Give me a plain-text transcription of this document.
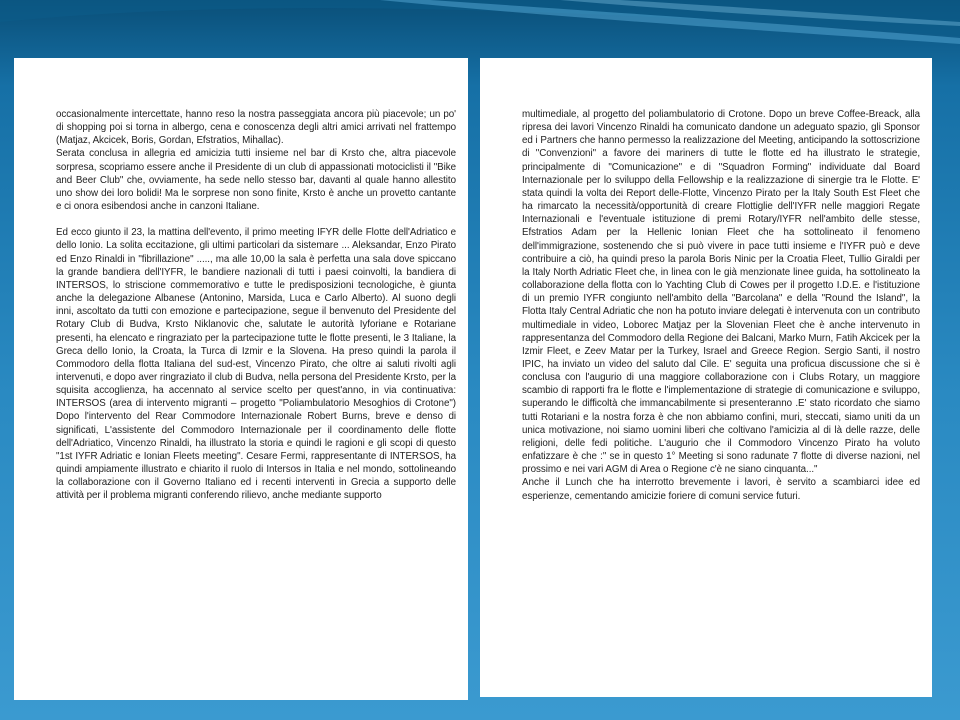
occasionalmente intercettate, hanno reso la nostra passeggiata ancora più piacevole; un po' di shopping poi si torna in albergo, cena e conoscenza degli altri amici arrivati nel frattempo (Matjaz, Akcicek, Boris, Gordan, Efstratios, Mihallac).

Serata conclusa in allegria ed amicizia tutti insieme nel bar di Krsto che, altra piacevole sorpresa, scopriamo essere anche il Presidente di un club di appassionati motociclisti il "Bike and Beer Club" che, ovviamente, ha sede nello stesso bar, davanti al quale hanno allestito uno show dei loro bolidi! Ma le sorprese non sono finite, Krsto è anche un provetto cantante e ci onora esibendosi anche in canzoni Italiane.

Ed ecco giunto il 23, la mattina dell'evento, il primo meeting IFYR delle Flotte dell'Adriatico e dello Ionio. La solita eccitazione, gli ultimi particolari da sistemare ... Aleksandar, Enzo Pirato ed Enzo Rinaldi in "fibrillazione" ....., ma alle 10,00 la sala è perfetta una sala dove spiccano la grande bandiera dell'IYFR, le bandiere nazionali di tutti i paesi coinvolti, la bandiera di INTERSOS, lo striscione commemorativo e tutte le predisposizioni tecnologiche, è giunta anche la delegazione Albanese (Antonino, Marsida, Luca e Carlo Alberto). Al suono degli inni, ascoltato da tutti con emozione e partecipazione, segue il benvenuto del Presidente del Rotary Club di Budva, Krsto Niklanovic che, salutate le autorità Iyforiane e Rotariane presenti, ha elencato e ringraziato per la partecipazione tutte le flotte presenti, le 3 Italiane, la Greca dello Ionio, la Croata, la Turca di Izmir e la Slovena. Ha preso quindi la parola il Commodoro della flotta Italiana del sud-est, Vincenzo Pirato, che oltre ai saluti rivolti agli intervenuti, e dopo aver ringraziato il club di Budva, nella persona del Presidente Krsto, per la squisita accoglienza, ha accennato al service scelto per quest'anno, in via continuativa: INTERSOS (area di intervento migranti – progetto "Poliambulatorio Mesoghios di Crotone") Dopo l'intervento del Rear Commodore Internazionale Robert Burns, breve e denso di significati, L'assistente del Commodoro Internazionale per il coordinamento delle flotte dell'Adriatico, Vincenzo Rinaldi, ha illustrato la storia e quindi le ragioni e gli scopi di questo "1st IYFR Adriatic e Ionian Fleets meeting". Cesare Fermi, rappresentante di INTERSOS, ha quindi ampiamente illustrato e chiarito il ruolo di Intersos in Italia e nel mondo, sottolineando la collaborazione con il Governo Italiano ed i recenti interventi in Grecia a supporto delle attività per il problema migranti conferendo rilievo, anche mediante supporto

multimediale, al progetto del poliambulatorio di Crotone. Dopo un breve Coffee-Breack, alla ripresa dei lavori Vincenzo Rinaldi ha comunicato dandone un adeguato spazio, gli Sponsor ed i Partners che hanno permesso la realizzazione del Meeting, anticipando la sottoscrizione di "Convenzioni" a favore dei mariners di tutte le flotte ed ha illustrato le strategie, principalmente di "Comunicazione" e di "Squadron Forming" individuate dal Board Internazionale per lo sviluppo della Fellowship e la realizzazione di sinergie tra le Flotte. E' stata quindi la volta dei Report delle-Flotte, Vincenzo Pirato per la Italy South Est Fleet che ha rimarcato la necessità/opportunità di creare Flottiglie dell'IYFR nelle maggiori Regate Internazionali e l'eventuale istituzione di premi Rotary/IYFR nell'ambito delle stesse, Efstratios Adam per la Hellenic Ionian Fleet che ha sottolineato il fenomeno dell'immigrazione, sostenendo che si può vivere in pace tutti insieme e l'IYFR può e deve contribuire a ciò, ha quindi preso la parola Boris Ninic per la Croatia Fleet, Tullio Giraldi per la Italy North Adriatic Fleet che, in linea con le già menzionate linee guida, ha sottolineato la collaborazione della flotta con lo Yachting Club di Cowes per il progetto I.D.E. e l'istituzione di un premio IYFR congiunto nell'ambito della "Barcolana" e della "Round the Island", la Flotta Italy Central Adriatic che non ha potuto inviare delegati è intervenuta con un contributo multimediale in video, Loborec Matjaz per la Slovenian Fleet che è anche intervenuto in rappresentanza del Commodoro della Regione dei Balcani, Marko Murn, Fatih Akcicek per la Izmir Fleet, e Zeev Matar per la Turkey, Israel and Greece Region. Sergio Santi, il nostro IPIC, ha inviato un video del saluto dal Cile. E' seguita una proficua discussione che si è conclusa con l'augurio di una maggiore collaborazione con i Clubs Rotary, un maggiore scambio di rapporti fra le flotte e l'implementazione di strategie di comunicazione e sviluppo, superando le difficoltà che immancabilmente si presenteranno .E' stato ricordato che siamo tutti Rotariani e la nostra forza è che non abbiamo confini, muri, steccati, siamo uniti da un unica motivazione, noi siamo uomini liberi che coltivano l'amicizia al di là delle razze, delle religioni, delle fedi politiche. L'augurio che il Commodoro Vincenzo Pirato ha voluto enfatizzare è che :" se in questo 1° Meeting si sono radunate 7 flotte di diverse nazioni, nel prossimo e nei vari AGM di Area o Regione c'è ne siano cinquanta..."

Anche il Lunch che ha interrotto brevemente i lavori, è servito a scambiarci idee ed esperienze, cementando amicizie foriere di comuni service futuri.
